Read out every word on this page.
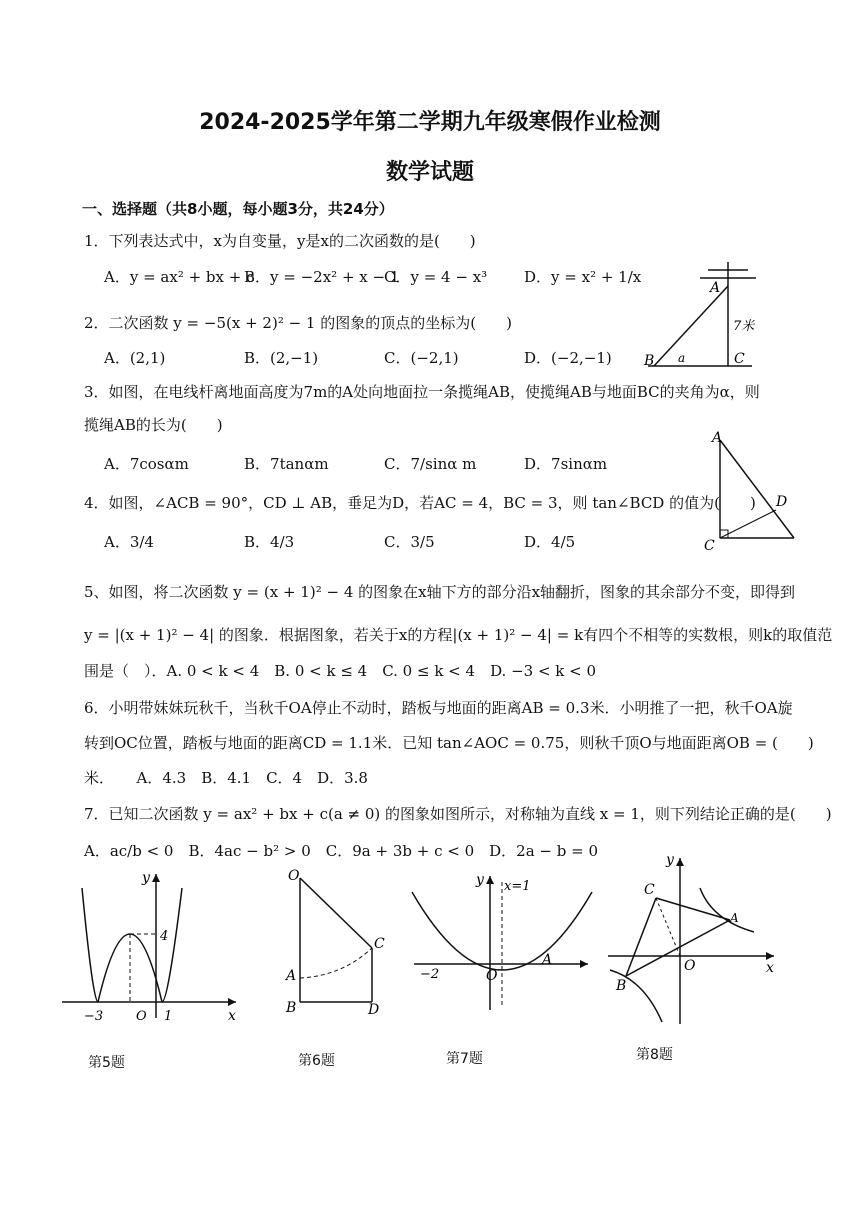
2024-2025学年第二学期九年级寒假作业检测
数学试题
一、选择题（共8小题，每小题3分，共24分）
1．下列表达式中，x为自变量，y是x的二次函数的是(　　)
A．y = ax² + bx + c
B．y = −2x² + x − 1
C．y = 4 − x³ D．y = x² + 1/x
2．二次函数 y = −5(x + 2)² − 1 的图象的顶点的坐标为(　　)
A．(2,1)	B．(2,−1)	C．(−2,1)	D．(−2,−1)
A
B	C
a
7米
3．如图，在电线杆离地面高度为7m的A处向地面拉一条揽绳AB，使揽绳AB与地面BC的夹角为α，则
揽绳AB的长为(　　)
A．7cosαm	B．7tanαm	C．7/sinα m	D．7sinαm
A
D
C
4．如图，∠ACB = 90°，CD ⊥ AB，垂足为D，若AC = 4，BC = 3，则 tan∠BCD 的值为(　　)
A．3/4	B．4/3	C．3/5	D．4/5
5、如图，将二次函数 y = (x + 1)² − 4 的图象在x轴下方的部分沿x轴翻折，图象的其余部分不变，即得到
y = |(x + 1)² − 4| 的图象．根据图象，若关于x的方程|(x + 1)² − 4| = k有四个不相等的实数根，则k的取值范
围是（　）．A. 0 < k < 4　B. 0 < k ≤ 4　C. 0 ≤ k < 4　D. −3 < k < 0
6．小明带妹妹玩秋千，当秋千OA停止不动时，踏板与地面的距离AB = 0.3米．小明推了一把，秋千OA旋
转到OC位置，踏板与地面的距离CD = 1.1米．已知 tan∠AOC = 0.75，则秋千顶O与地面距离OB = (　　)
米．　　A．4.3　B．4.1　C．4　D．3.8
7．已知二次函数 y = ax² + bx + c(a ≠ 0) 的图象如图所示，对称轴为直线 x = 1，则下列结论正确的是(　　)
A．ac/b < 0　B．4ac − b² > 0　C．9a + 3b + c < 0　D．2a − b = 0
y
x
4
−3	O 1
O
C
A
B	D
y x=1
−2	O
A
y
C
A
O	x
B
第5题	第6题	第7题	第8题
